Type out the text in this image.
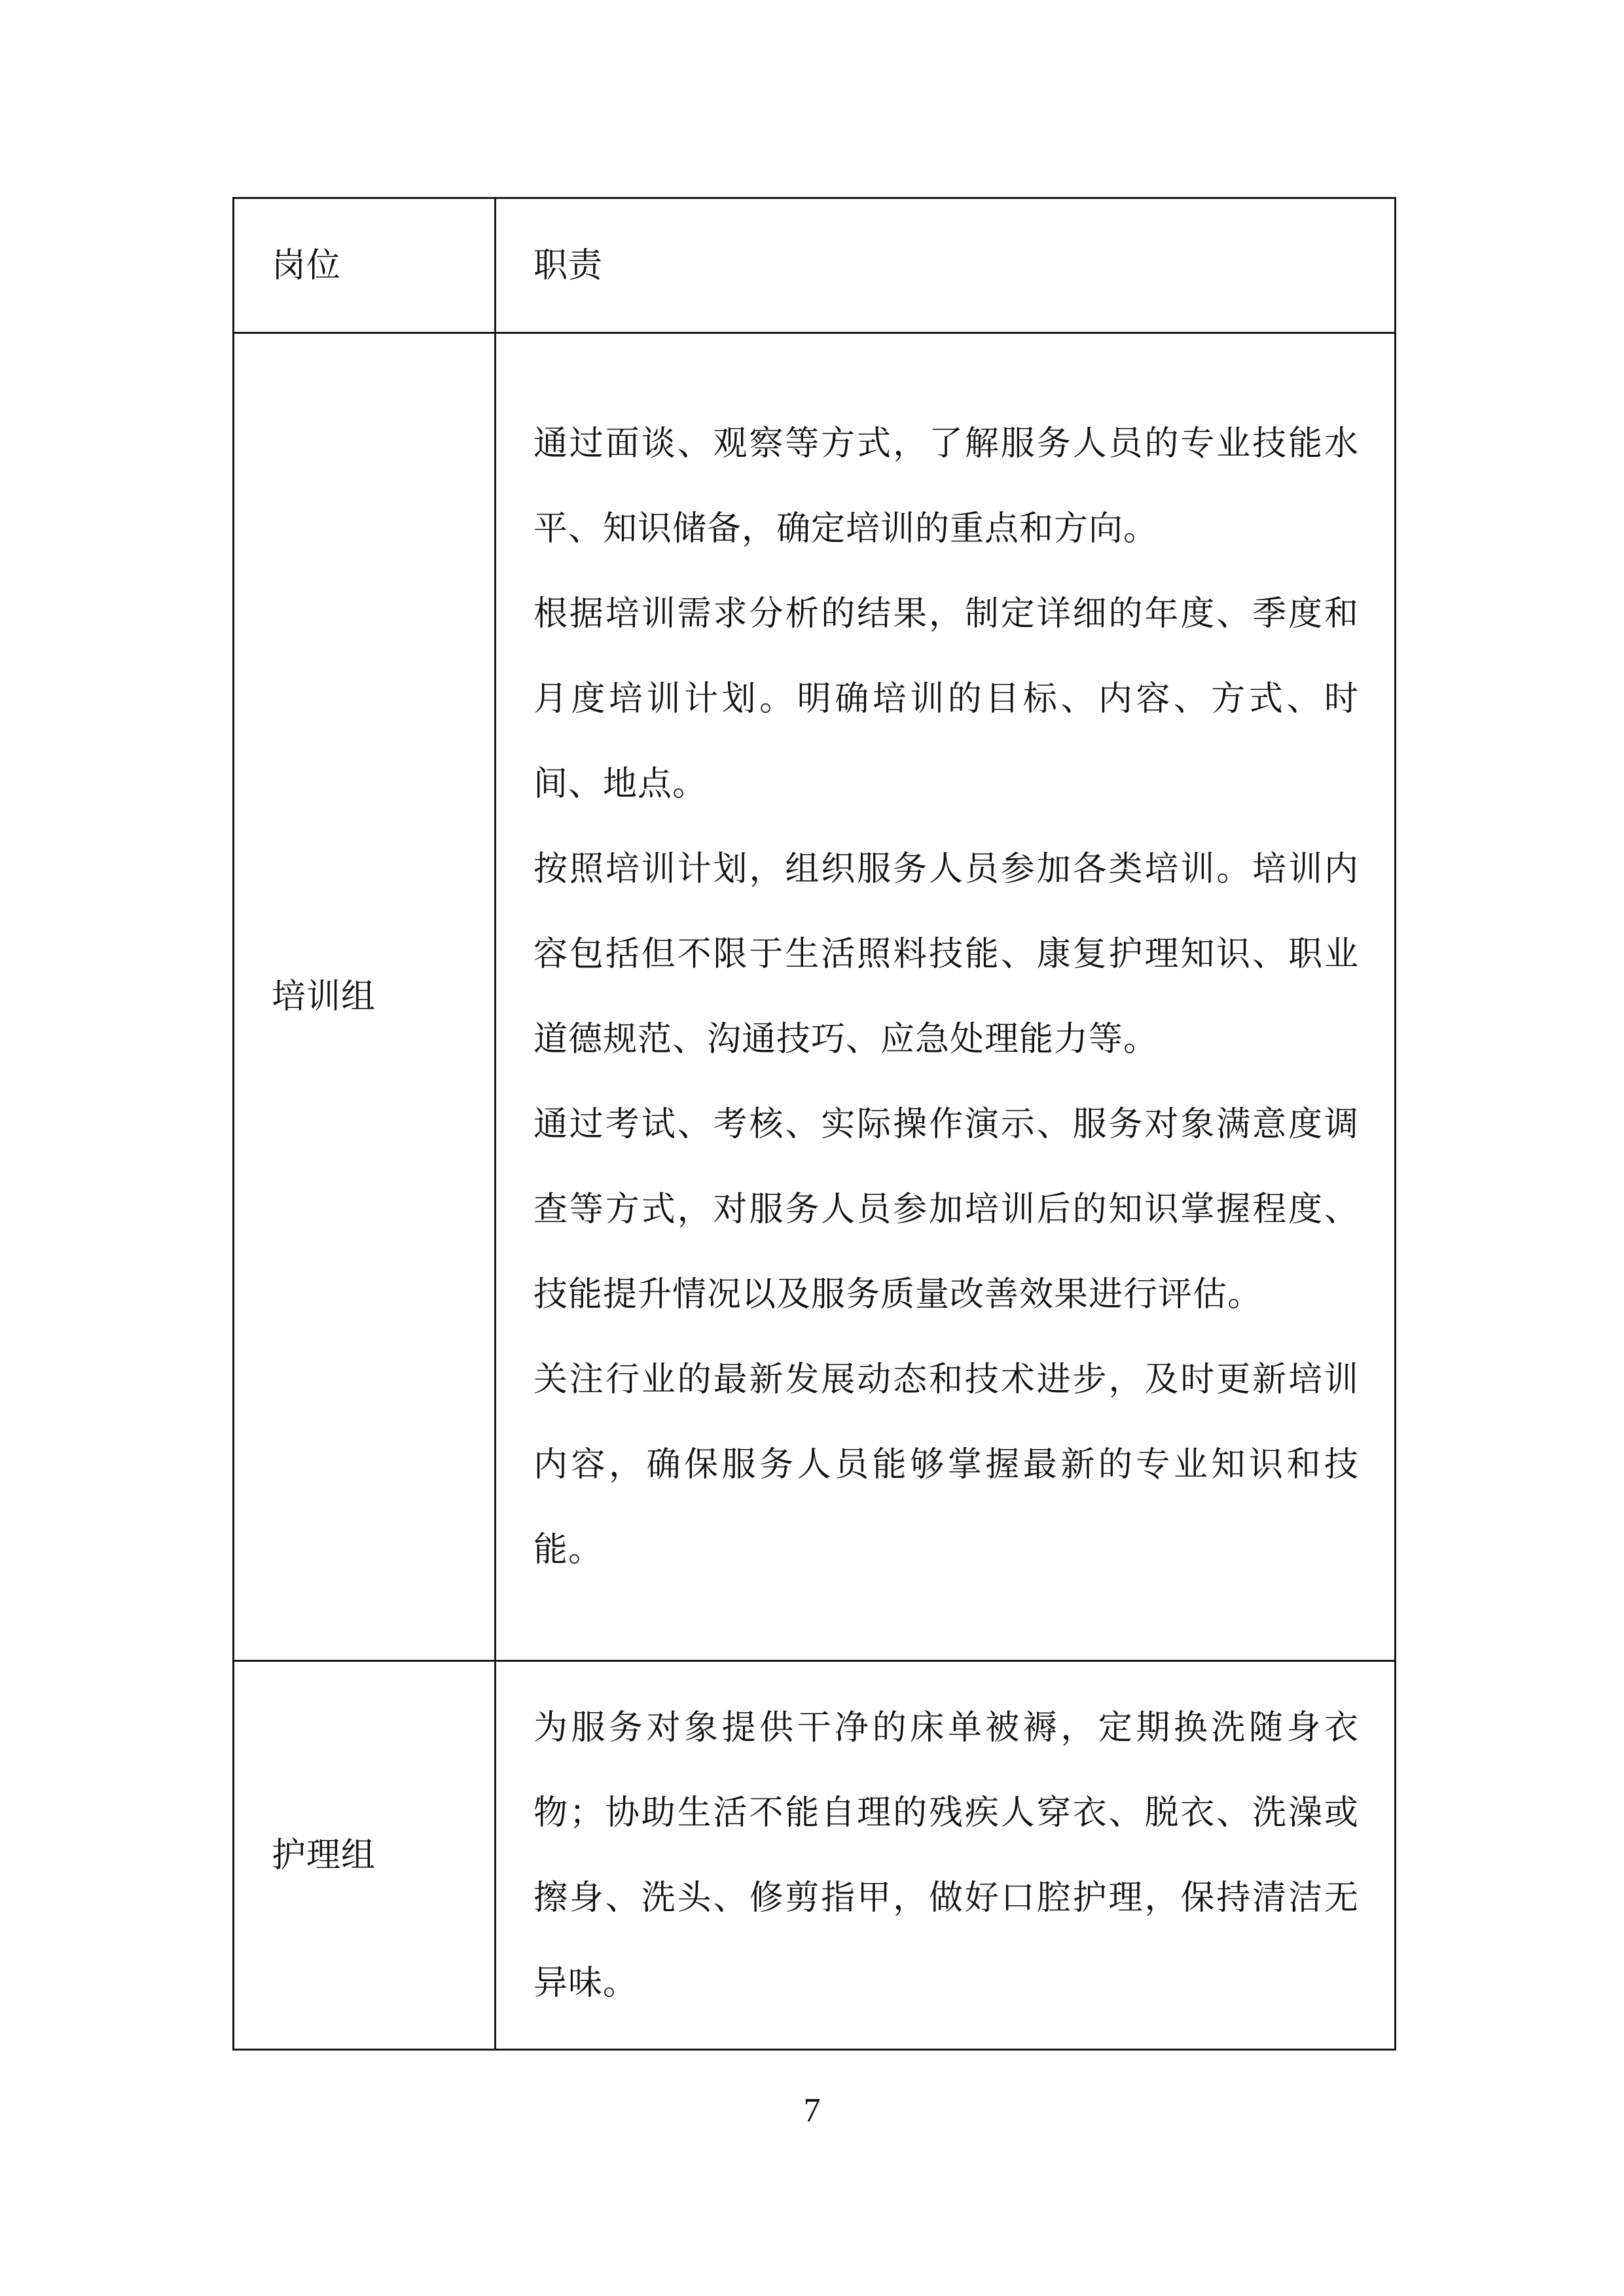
岗位	职责
培训组	通过面谈、观察等方式，了解服务人员的专业技能水平、知识储备，确定培训的重点和方向。

根据培训需求分析的结果，制定详细的年度、季度和月度培训计划。明确培训的目标、内容、方式、时间、地点。

按照培训计划，组织服务人员参加各类培训。培训内容包括但不限于生活照料技能、康复护理知识、职业道德规范、沟通技巧、应急处理能力等。

通过考试、考核、实际操作演示、服务对象满意度调查等方式，对服务人员参加培训后的知识掌握程度、技能提升情况以及服务质量改善效果进行评估。

关注行业的最新发展动态和技术进步，及时更新培训内容，确保服务人员能够掌握最新的专业知识和技能。

护理组	为服务对象提供干净的床单被褥，定期换洗随身衣物；协助生活不能自理的残疾人穿衣、脱衣、洗澡或擦身、洗头、修剪指甲，做好口腔护理，保持清洁无异味。

7
